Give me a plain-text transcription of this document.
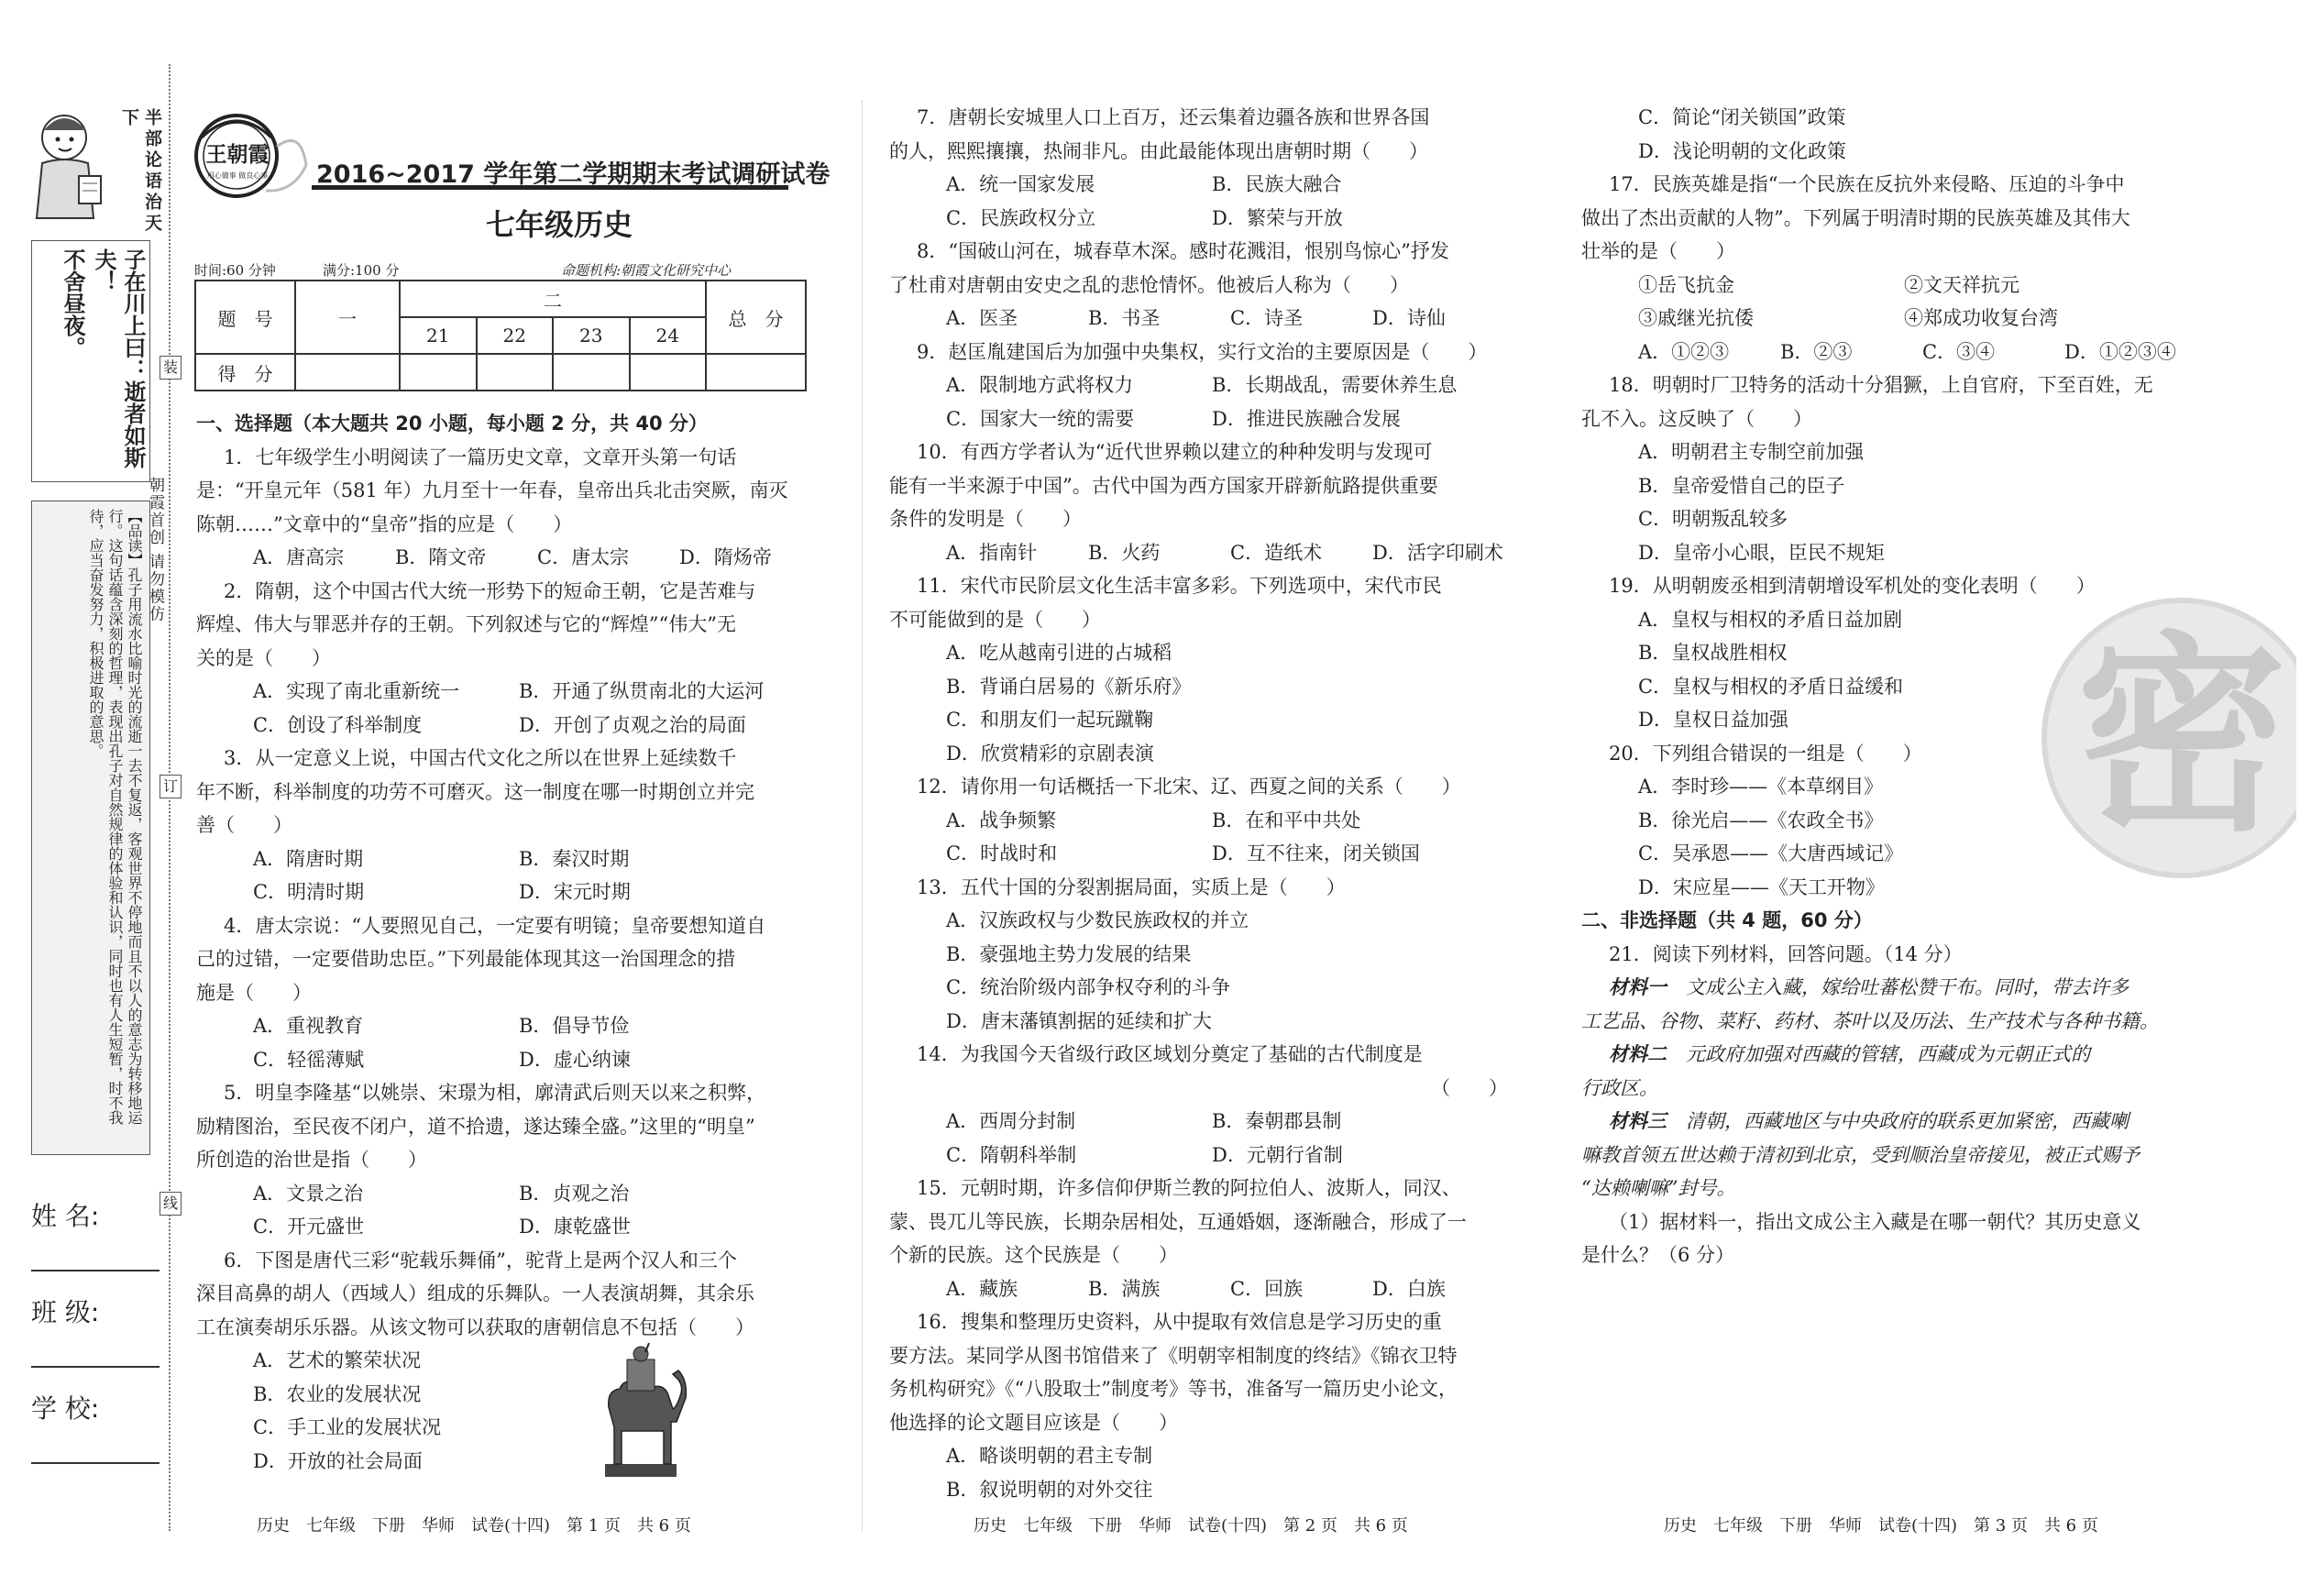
半部论语治天下
子在川上曰：逝者如斯夫！
不舍昼夜。
【品读】孔子用流水比喻时光的流逝一去不复返，客观世界不停地而且不以人的意志为转移地运行。这句话蕴含深刻的哲理，表现出孔子对自然规律的体验和认识，同时也有人生短暂，时不我待，应当奋发努力，积极进取的意思。
姓 名:
班 级:
学 校:
装
订
线
朝霞首创 请勿模仿
王朝霞
用心做事 做良心事 2016~2017 学年第二学期期末考试调研试卷
七年级历史
时间:60 分钟	满分:100 分	命题机构:朝霞文化研究中心
题　号	一	二				总　分
		21	22	23	24	
得　分						
一、选择题（本大题共 20 小题，每小题 2 分，共 40 分）
1．七年级学生小明阅读了一篇历史文章，文章开头第一句话
是：“开皇元年（581 年）九月至十一年春，皇帝出兵北击突厥，南灭
陈朝……”文章中的“皇帝”指的应是（　　）
A．唐高宗	B．隋文帝	C．唐太宗	D．隋炀帝
2．隋朝，这个中国古代大统一形势下的短命王朝，它是苦难与
辉煌、伟大与罪恶并存的王朝。下列叙述与它的“辉煌”“伟大”无
关的是（　　）
A．实现了南北重新统一	B．开通了纵贯南北的大运河
C．创设了科举制度	D．开创了贞观之治的局面
3．从一定意义上说，中国古代文化之所以在世界上延续数千
年不断，科举制度的功劳不可磨灭。这一制度在哪一时期创立并完
善（　　）
A．隋唐时期	B．秦汉时期
C．明清时期	D．宋元时期
4．唐太宗说：“人要照见自己，一定要有明镜；皇帝要想知道自
己的过错，一定要借助忠臣。”下列最能体现其这一治国理念的措
施是（　　）
A．重视教育	B．倡导节俭
C．轻徭薄赋	D．虚心纳谏
5．明皇李隆基“以姚崇、宋璟为相，廓清武后则天以来之积弊，
励精图治，至民夜不闭户，道不拾遗，遂达臻全盛。”这里的“明皇”
所创造的治世是指（　　）
A．文景之治	B．贞观之治
C．开元盛世	D．康乾盛世
6．下图是唐代三彩“驼载乐舞俑”，驼背上是两个汉人和三个
深目高鼻的胡人（西域人）组成的乐舞队。一人表演胡舞，其余乐
工在演奏胡乐乐器。从该文物可以获取的唐朝信息不包括（　　）
A．艺术的繁荣状况
B．农业的发展状况
C．手工业的发展状况
D．开放的社会局面
历史　七年级　下册　华师　试卷(十四)　第 1 页　共 6 页
7．唐朝长安城里人口上百万，还云集着边疆各族和世界各国
的人，熙熙攘攘，热闹非凡。由此最能体现出唐朝时期（　　）
A．统一国家发展	B．民族大融合
C．民族政权分立	D．繁荣与开放
8．“国破山河在，城春草木深。感时花溅泪，恨别鸟惊心”抒发
了杜甫对唐朝由安史之乱的悲怆情怀。他被后人称为（　　）
A．医圣	B．书圣	C．诗圣	D．诗仙
9．赵匡胤建国后为加强中央集权，实行文治的主要原因是（　　）
A．限制地方武将权力	B．长期战乱，需要休养生息
C．国家大一统的需要	D．推进民族融合发展
10．有西方学者认为“近代世界赖以建立的种种发明与发现可
能有一半来源于中国”。古代中国为西方国家开辟新航路提供重要
条件的发明是（　　）
A．指南针	B．火药	C．造纸术	D．活字印刷术
11．宋代市民阶层文化生活丰富多彩。下列选项中，宋代市民
不可能做到的是（　　）
A．吃从越南引进的占城稻
B．背诵白居易的《新乐府》
C．和朋友们一起玩蹴鞠
D．欣赏精彩的京剧表演
12．请你用一句话概括一下北宋、辽、西夏之间的关系（　　）
A．战争频繁	B．在和平中共处
C．时战时和	D．互不往来，闭关锁国
13．五代十国的分裂割据局面，实质上是（　　）
A．汉族政权与少数民族政权的并立
B．豪强地主势力发展的结果
C．统治阶级内部争权夺利的斗争
D．唐末藩镇割据的延续和扩大
14．为我国今天省级行政区域划分奠定了基础的古代制度是
（　　）
A．西周分封制	B．秦朝郡县制
C．隋朝科举制	D．元朝行省制
15．元朝时期，许多信仰伊斯兰教的阿拉伯人、波斯人，同汉、
蒙、畏兀儿等民族，长期杂居相处，互通婚姻，逐渐融合，形成了一
个新的民族。这个民族是（　　）
A．藏族	B．满族	C．回族	D．白族
16．搜集和整理历史资料，从中提取有效信息是学习历史的重
要方法。某同学从图书馆借来了《明朝宰相制度的终结》《锦衣卫特
务机构研究》《“八股取士”制度考》等书，准备写一篇历史小论文，
他选择的论文题目应该是（　　）
A．略谈明朝的君主专制
B．叙说明朝的对外交往
历史　七年级　下册　华师　试卷(十四)　第 2 页　共 6 页
密
C．简论“闭关锁国”政策
D．浅论明朝的文化政策
17．民族英雄是指“一个民族在反抗外来侵略、压迫的斗争中
做出了杰出贡献的人物”。下列属于明清时期的民族英雄及其伟大
壮举的是（　　）
①岳飞抗金	②文天祥抗元
③戚继光抗倭	④郑成功收复台湾
A．①②③	B．②③	C．③④	D．①②③④
18．明朝时厂卫特务的活动十分猖獗，上自官府，下至百姓，无
孔不入。这反映了（　　）
A．明朝君主专制空前加强
B．皇帝爱惜自己的臣子
C．明朝叛乱较多
D．皇帝小心眼，臣民不规矩
19．从明朝废丞相到清朝增设军机处的变化表明（　　）
A．皇权与相权的矛盾日益加剧
B．皇权战胜相权
C．皇权与相权的矛盾日益缓和
D．皇权日益加强
20．下列组合错误的一组是（　　）
A．李时珍——《本草纲目》
B．徐光启——《农政全书》
C．吴承恩——《大唐西域记》
D．宋应星——《天工开物》
二、非选择题（共 4 题，60 分）
21．阅读下列材料，回答问题。（14 分）
材料一　 文成公主入藏，嫁给吐蕃松赞干布。同时，带去许多
工艺品、谷物、菜籽、药材、茶叶以及历法、生产技术与各种书籍。
材料二　 元政府加强对西藏的管辖，西藏成为元朝正式的
行政区。
材料三　 清朝，西藏地区与中央政府的联系更加紧密，西藏喇
嘛教首领五世达赖于清初到北京，受到顺治皇帝接见，被正式赐予
“达赖喇嘛”封号。
（1）据材料一，指出文成公主入藏是在哪一朝代？其历史意义
是什么？（6 分）
历史　七年级　下册　华师　试卷(十四)　第 3 页　共 6 页
